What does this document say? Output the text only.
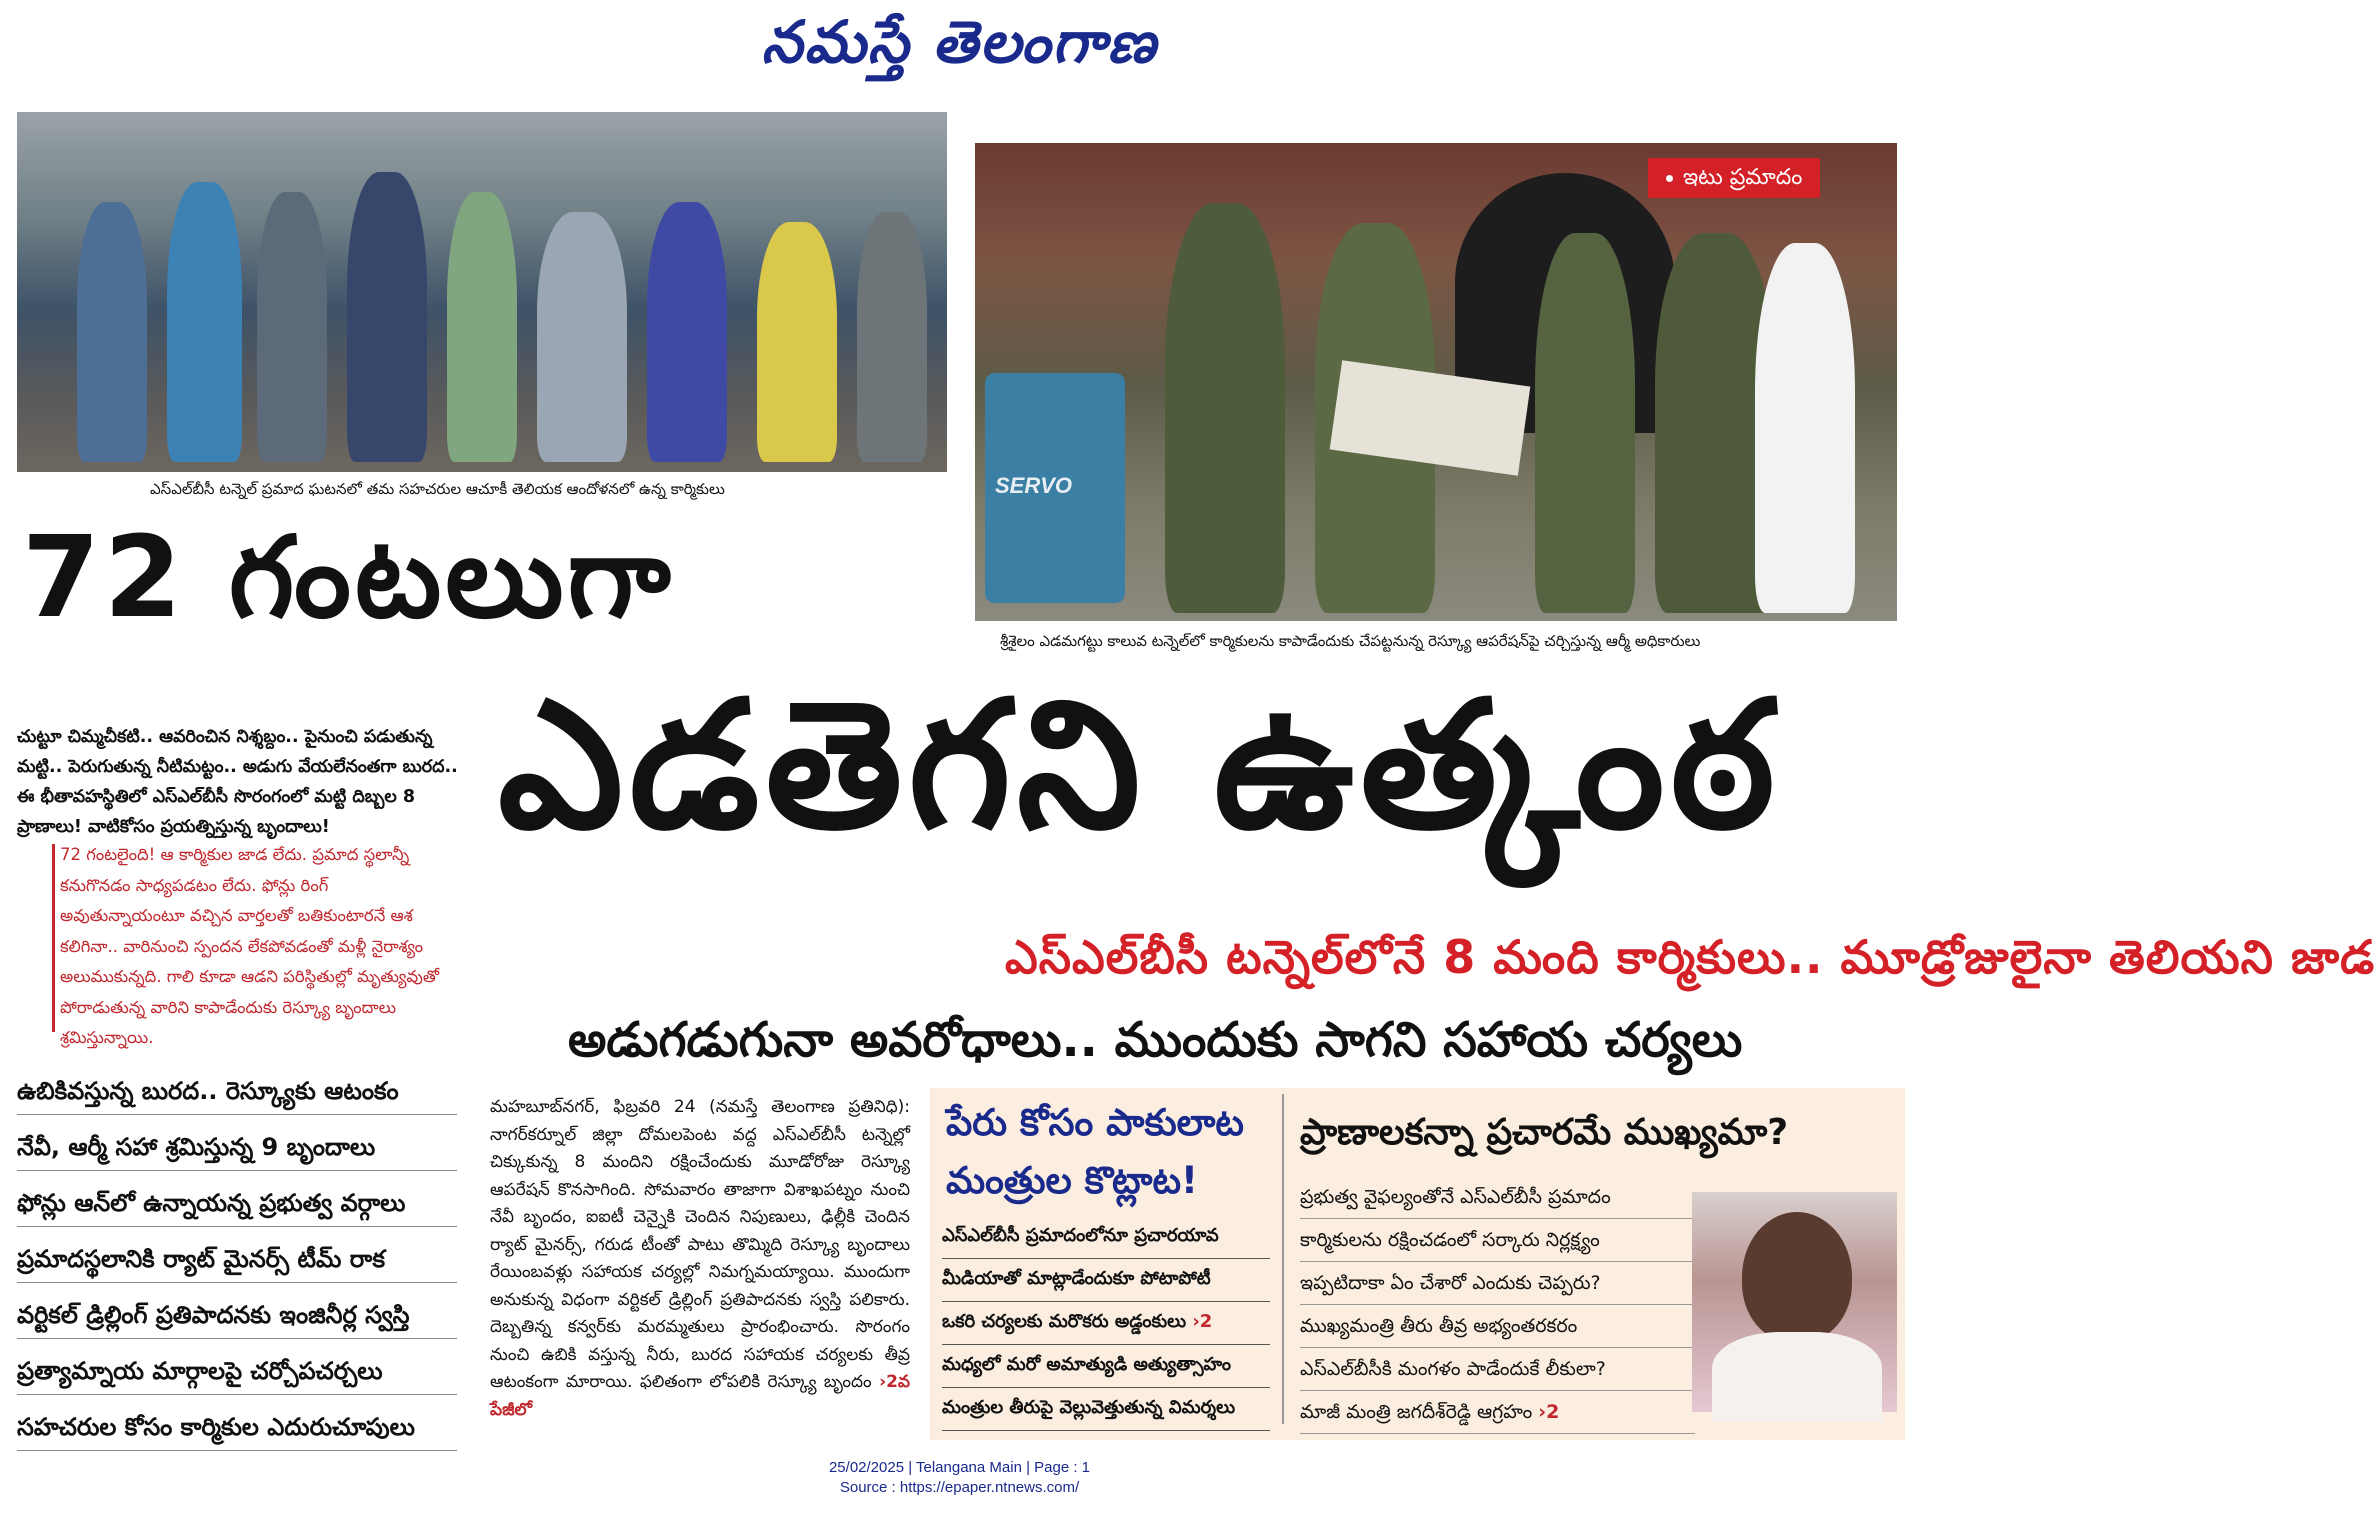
నమస్తే తెలంగాణ
ఎస్‌ఎల్‌బీసీ టన్నెల్ ప్రమాద ఘటనలో తమ సహచరుల ఆచూకీ తెలియక ఆందోళనలో ఉన్న కార్మికులు	SERVO
ఇటు ప్రమాదం
శ్రీశైలం ఎడమగట్టు కాలువ టన్నెల్‌లో కార్మికులను కాపాడేందుకు చేపట్టనున్న రెస్క్యూ ఆపరేషన్‌పై చర్చిస్తున్న ఆర్మీ అధికారులు
72 గంటలుగా
ఎడతెగని ఉత్కంఠ
ఎస్‌ఎల్‌బీసీ టన్నెల్‌లోనే 8 మంది కార్మికులు.. మూడ్రోజులైనా తెలియని జాడ
అడుగడుగునా అవరోధాలు.. ముందుకు సాగని సహాయ చర్యలు
చుట్టూ చిమ్మచీకటి.. ఆవరించిన నిశ్శబ్దం.. పైనుంచి పడుతున్న మట్టి.. పెరుగుతున్న నీటిమట్టం.. అడుగు వేయలేనంతగా బురద.. ఈ భీతావహస్థితిలో ఎస్‌ఎల్‌బీసీ సొరంగంలో మట్టి దిబ్బల 8 ప్రాణాలు! వాటికోసం ప్రయత్నిస్తున్న బృందాలు!
72 గంటలైంది! ఆ కార్మికుల జాడ లేదు. ప్రమాద స్థలాన్నీ కనుగొనడం సాధ్యపడటం లేదు. ఫోన్లు రింగ్ అవుతున్నాయంటూ వచ్చిన వార్తలతో బతికుంటారనే ఆశ కలిగినా.. వారినుంచి స్పందన లేకపోవడంతో మళ్లీ నైరాశ్యం అలుముకున్నది. గాలి కూడా ఆడని పరిస్థితుల్లో మృత్యువుతో పోరాడుతున్న వారిని కాపాడేందుకు రెస్క్యూ బృందాలు శ్రమిస్తున్నాయి.
ఉబికివస్తున్న బురద.. రెస్క్యూకు ఆటంకం
నేవీ, ఆర్మీ సహా శ్రమిస్తున్న 9 బృందాలు
ఫోన్లు ఆన్‌లో ఉన్నాయన్న ప్రభుత్వ వర్గాలు
ప్రమాదస్థలానికి ర్యాట్ మైనర్స్ టీమ్ రాక
వర్టికల్ డ్రిల్లింగ్ ప్రతిపాదనకు ఇంజినీర్ల స్వస్తి
ప్రత్యామ్నాయ మార్గాలపై చర్చోపచర్చలు
సహచరుల కోసం కార్మికుల ఎదురుచూపులు
మహబూబ్‌నగర్, ఫిబ్రవరి 24 (నమస్తే తెలంగాణ ప్రతినిధి): నాగర్‌కర్నూల్ జిల్లా దోమలపెంట వద్ద ఎస్‌ఎల్‌బీసీ టన్నెల్లో చిక్కుకున్న 8 మందిని రక్షించేందుకు మూడోరోజు రెస్క్యూ ఆపరేషన్ కొనసాగింది. సోమవారం తాజాగా విశాఖపట్నం నుంచి నేవీ బృందం, ఐఐటీ చెన్నైకి చెందిన నిపుణులు, ఢిల్లీకి చెందిన ర్యాట్ మైనర్స్, గరుడ టీంతో పాటు తొమ్మిది రెస్క్యూ బృందాలు రేయింబవళ్లు సహాయక చర్యల్లో నిమగ్నమయ్యాయి. ముందుగా అనుకున్న విధంగా వర్టికల్ డ్రిల్లింగ్ ప్రతిపాదనకు స్వస్తి పలికారు. దెబ్బతిన్న కన్వర్‌కు మరమ్మతులు ప్రారంభించారు. సొరంగం నుంచి ఉబికి వస్తున్న నీరు, బురద సహాయక చర్యలకు తీవ్ర ఆటంకంగా మారాయి. ఫలితంగా లోపలికి రెస్క్యూ బృందం ›2వ పేజీలో
పేరు కోసం పాకులాట మంత్రుల కొట్లాట!
ఎస్‌ఎల్‌బీసీ ప్రమాదంలోనూ ప్రచారయావ
మీడియాతో మాట్లాడేందుకూ పోటాపోటీ
ఒకరి చర్యలకు మరొకరు అడ్డంకులు ›2
మధ్యలో మరో అమాత్యుడి అత్యుత్సాహం
మంత్రుల తీరుపై వెల్లువెత్తుతున్న విమర్శలు
ప్రాణాలకన్నా ప్రచారమే ముఖ్యమా?
ప్రభుత్వ వైఫల్యంతోనే ఎస్‌ఎల్‌బీసీ ప్రమాదం
కార్మికులను రక్షించడంలో సర్కారు నిర్లక్ష్యం
ఇప్పటిదాకా ఏం చేశారో ఎందుకు చెప్పరు?
ముఖ్యమంత్రి తీరు తీవ్ర అభ్యంతరకరం
ఎస్‌ఎల్‌బీసీకి మంగళం పాడేందుకే లీకులా?
మాజీ మంత్రి జగదీశ్‌రెడ్డి ఆగ్రహం ›2
25/02/2025 | Telangana Main | Page : 1
Source : https://epaper.ntnews.com/
